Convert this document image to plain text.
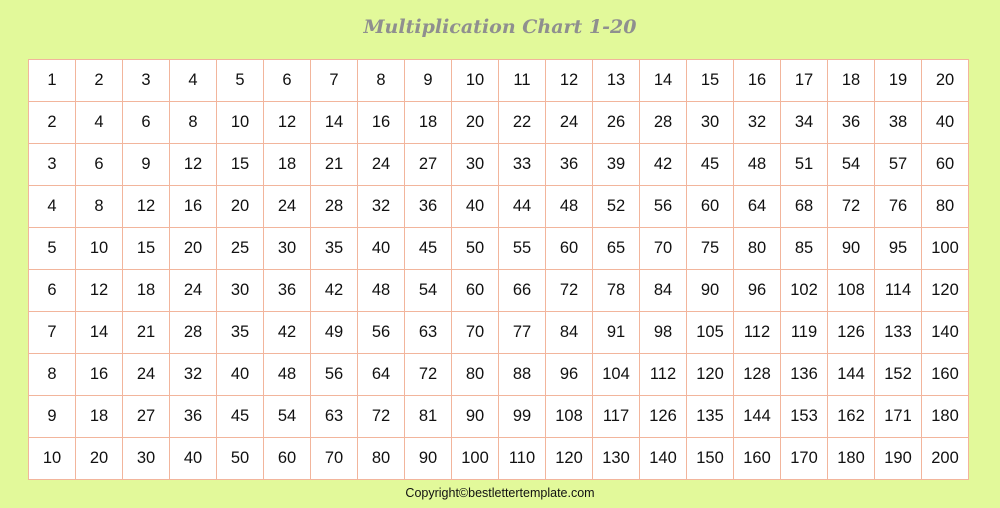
Multiplication Chart 1-20
1	2	3	4	5	6	7	8	9	10	11	12	13	14	15	16	17	18	19	20
2	4	6	8	10	12	14	16	18	20	22	24	26	28	30	32	34	36	38	40
3	6	9	12	15	18	21	24	27	30	33	36	39	42	45	48	51	54	57	60
4	8	12	16	20	24	28	32	36	40	44	48	52	56	60	64	68	72	76	80
5	10	15	20	25	30	35	40	45	50	55	60	65	70	75	80	85	90	95	100
6	12	18	24	30	36	42	48	54	60	66	72	78	84	90	96	102	108	114	120
7	14	21	28	35	42	49	56	63	70	77	84	91	98	105	112	119	126	133	140
8	16	24	32	40	48	56	64	72	80	88	96	104	112	120	128	136	144	152	160
9	18	27	36	45	54	63	72	81	90	99	108	117	126	135	144	153	162	171	180
10	20	30	40	50	60	70	80	90	100	110	120	130	140	150	160	170	180	190	200
Copyright©bestlettertemplate.com
